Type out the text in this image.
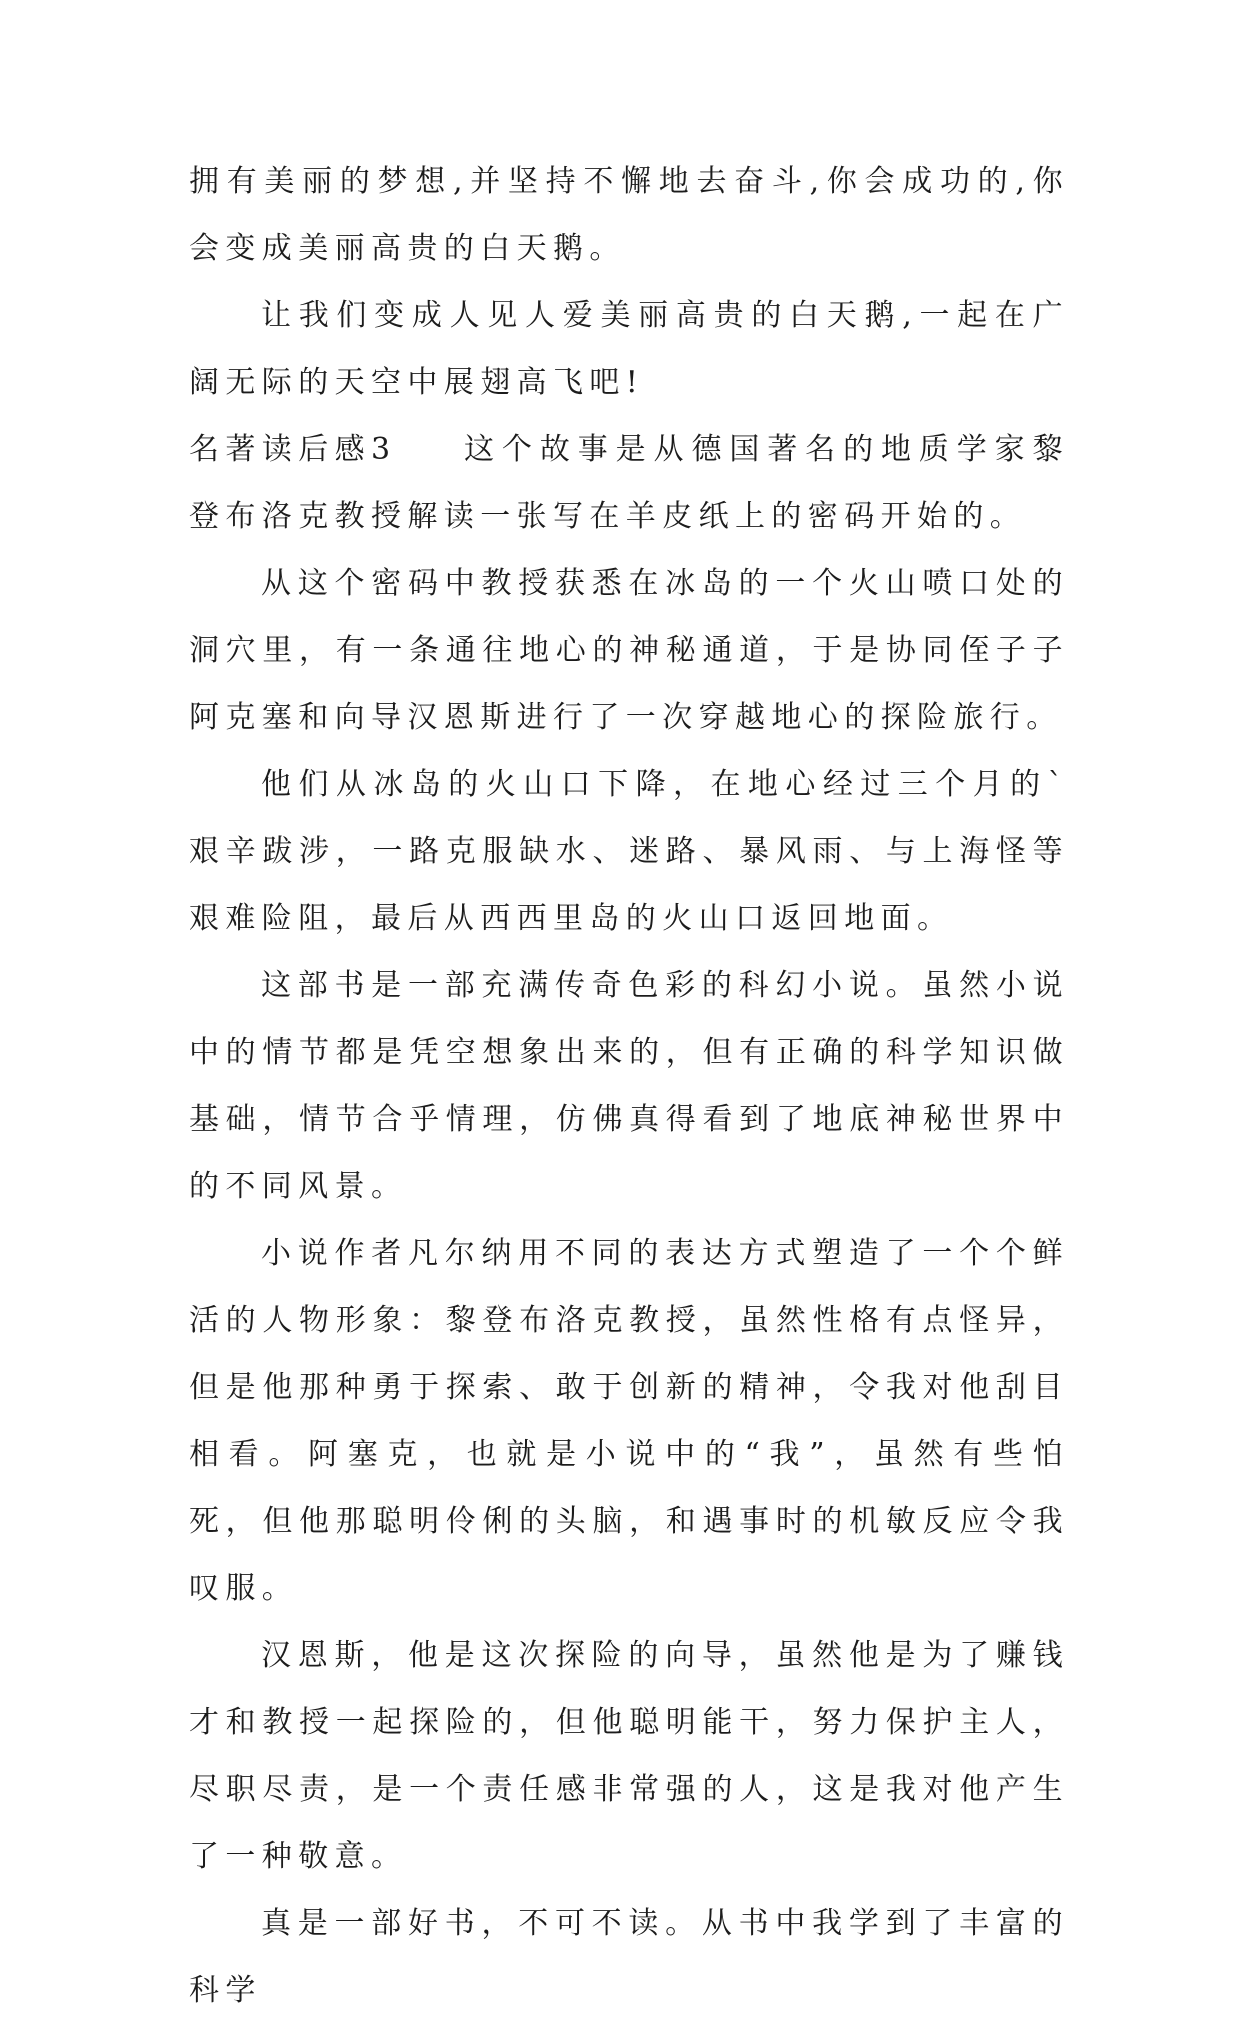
拥有美丽的梦想,并坚持不懈地去奋斗,你会成功的,你会变成美丽高贵的白天鹅。

让我们变成人见人爱美丽高贵的白天鹅,一起在广阔无际的天空中展翅高飞吧!

名著读后感3 这个故事是从德国著名的地质学家黎登布洛克教授解读一张写在羊皮纸上的密码开始的。

从这个密码中教授获悉在冰岛的一个火山喷口处的洞穴里，有一条通往地心的神秘通道，于是协同侄子子阿克塞和向导汉恩斯进行了一次穿越地心的探险旅行。

他们从冰岛的火山口下降，在地心经过三个月的`艰辛跋涉，一路克服缺水、迷路、暴风雨、与上海怪等艰难险阻，最后从西西里岛的火山口返回地面。

这部书是一部充满传奇色彩的科幻小说。虽然小说中的情节都是凭空想象出来的，但有正确的科学知识做基础，情节合乎情理，仿佛真得看到了地底神秘世界中的不同风景。

小说作者凡尔纳用不同的表达方式塑造了一个个鲜活的人物形象：黎登布洛克教授，虽然性格有点怪异，但是他那种勇于探索、敢于创新的精神，令我对他刮目相看。阿塞克，也就是小说中的“我”，虽然有些怕死，但他那聪明伶俐的头脑，和遇事时的机敏反应令我叹服。

汉恩斯，他是这次探险的向导，虽然他是为了赚钱才和教授一起探险的，但他聪明能干，努力保护主人，尽职尽责，是一个责任感非常强的人，这是我对他产生了一种敬意。

真是一部好书，不可不读。从书中我学到了丰富的科学
